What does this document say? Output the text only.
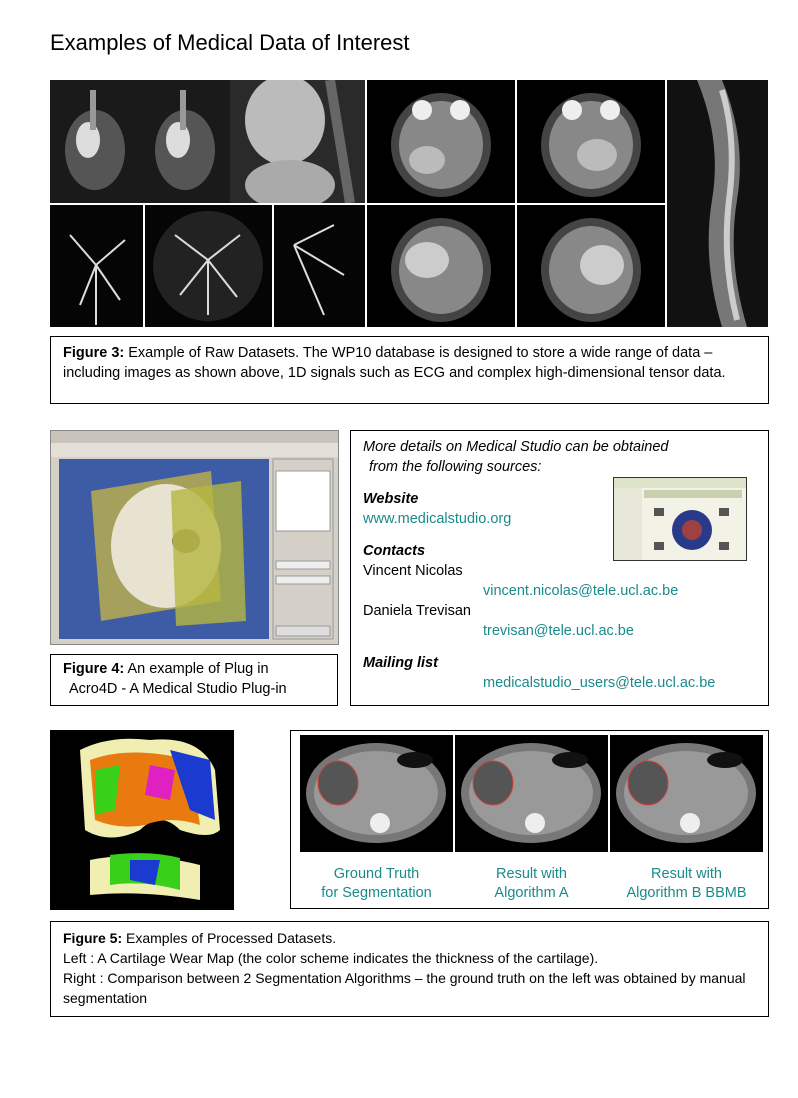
Examples of Medical Data of Interest
Figure 3: Example of Raw Datasets. The WP10 database is designed to store a wide range of data – including images as shown above, 1D signals such as ECG and complex high-dimensional tensor data.
Figure 4: An example of Plug in
Acro4D - A Medical Studio Plug-in
More details on Medical Studio can be obtained
from the following sources:
Website
www.medicalstudio.org
Contacts
Vincent Nicolas
vincent.nicolas@tele.ucl.ac.be
Daniela Trevisan
trevisan@tele.ucl.ac.be
Mailing list
medicalstudio_users@tele.ucl.ac.be
Ground Truth
for Segmentation
Result with
Algorithm A
Result with
Algorithm B BBMB
Figure 5: Examples of Processed Datasets.
Left : A Cartilage Wear Map (the color scheme indicates the thickness of the cartilage).
Right : Comparison between 2 Segmentation Algorithms – the ground truth on the left was obtained by manual segmentation
